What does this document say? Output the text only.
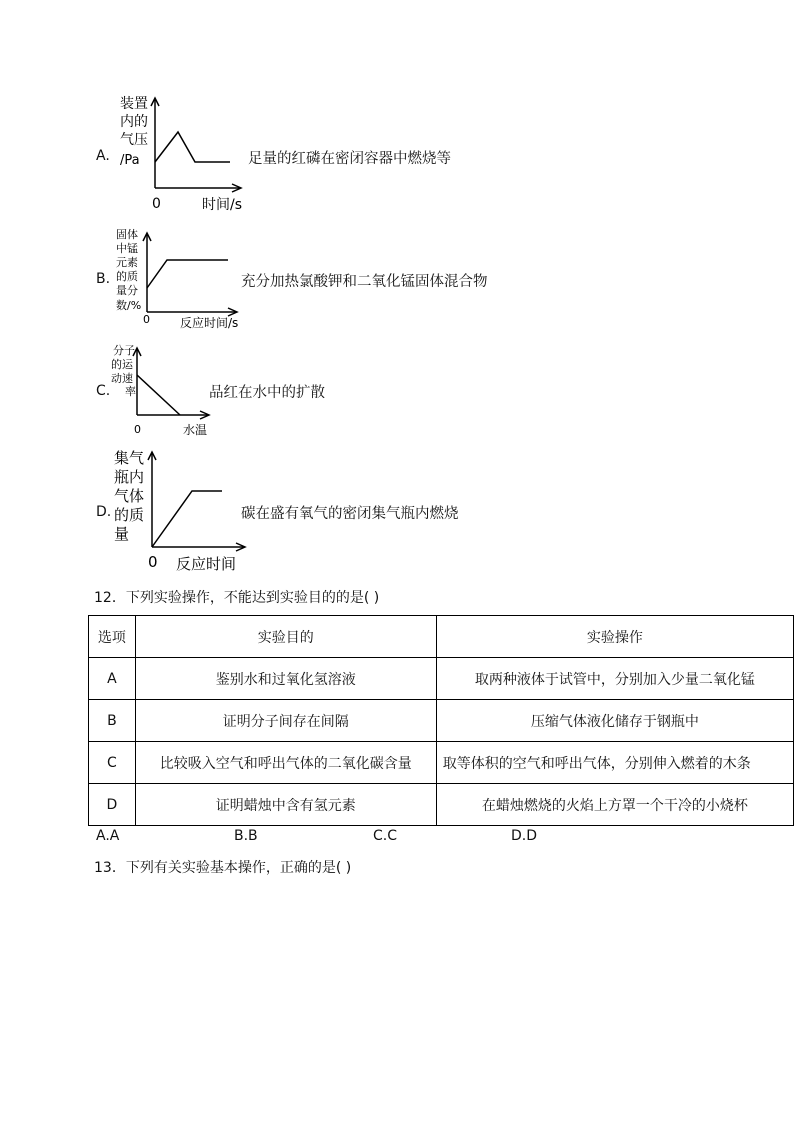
A.
装置
内的
气压
/Pa
0	时间/s
足量的红磷在密闭容器中燃烧等
B.
固体
中锰
元素
的质
量分
数/%
0	反应时间/s
充分加热氯酸钾和二氧化锰固体混合物
C.
分子
的运
动速
率
0	水温
品红在水中的扩散
D.
集气
瓶内
气体
的质
量
0 反应时间
碳在盛有氧气的密闭集气瓶内燃烧
12．下列实验操作，不能达到实验目的的是( )
选项	实验目的	实验操作
A	鉴别水和过氧化氢溶液	取两种液体于试管中，分别加入少量二氧化锰
B	证明分子间存在间隔	压缩气体液化储存于钢瓶中
C	比较吸入空气和呼出气体的二氧化碳含量	取等体积的空气和呼出气体，分别伸入燃着的木条
D	证明蜡烛中含有氢元素	在蜡烛燃烧的火焰上方罩一个干冷的小烧杯
A.A	B.B	C.C	D.D
13．下列有关实验基本操作，正确的是( )
